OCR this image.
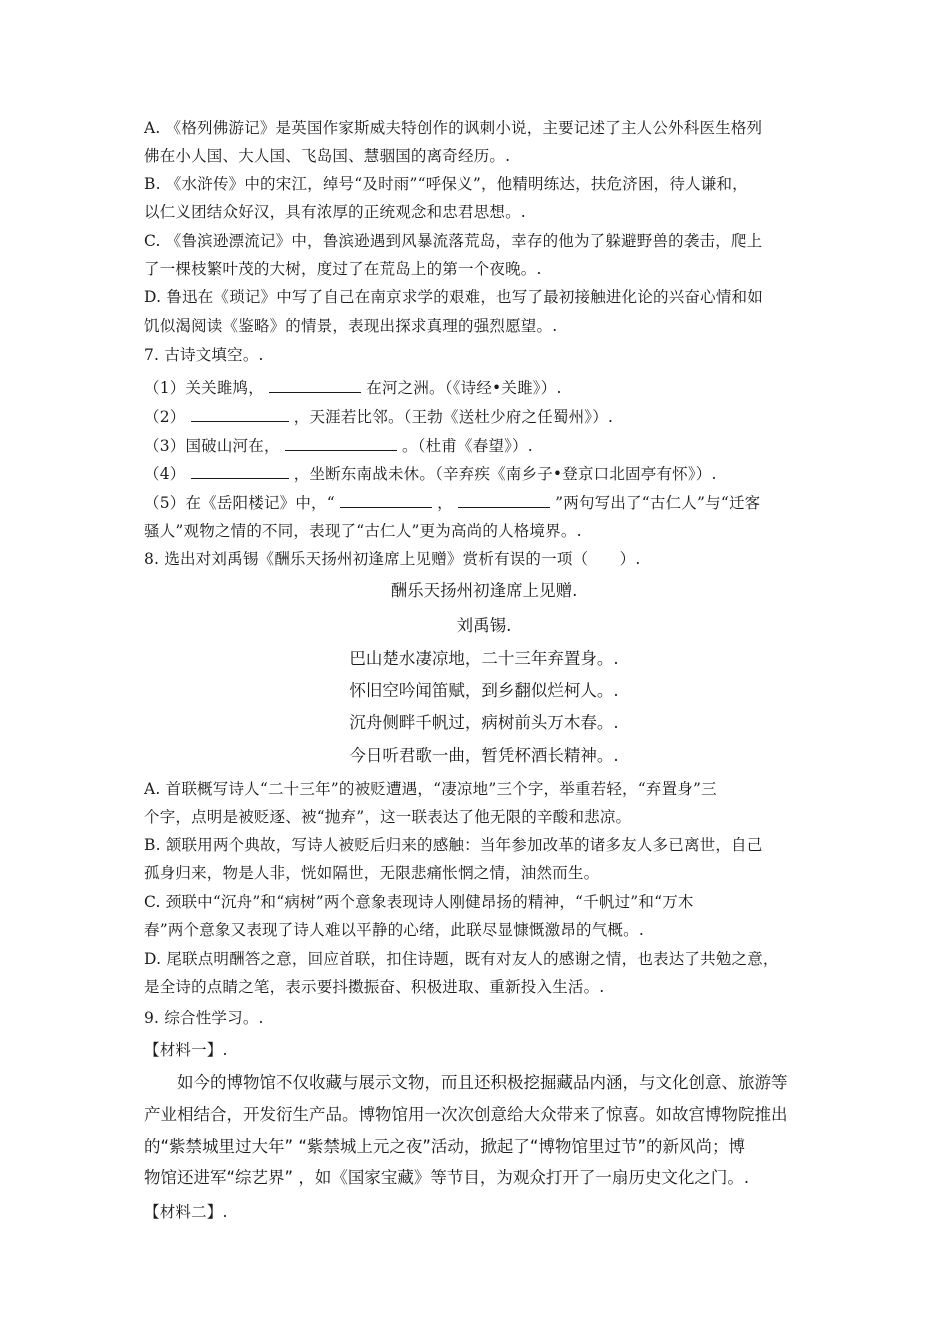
A. 《格列佛游记》是英国作家斯威夫特创作的讽刺小说，主要记述了主人公外科医生格列
佛在小人国、大人国、飞岛国、慧骃国的离奇经历。.
B. 《水浒传》中的宋江，绰号“及时雨”“呼保义”，他精明练达，扶危济困，待人谦和，
以仁义团结众好汉，具有浓厚的正统观念和忠君思想。.
C. 《鲁滨逊漂流记》中，鲁滨逊遇到风暴流落荒岛，幸存的他为了躲避野兽的袭击，爬上
了一棵枝繁叶茂的大树，度过了在荒岛上的第一个夜晚。.
D. 鲁迅在《琐记》中写了自己在南京求学的艰难，也写了最初接触进化论的兴奋心情和如
饥似渴阅读《鉴略》的情景，表现出探求真理的强烈愿望。.
7. 古诗文填空。.
（1）关关雎鸠，	在河之洲。（《诗经•关雎》）.
（2）	，天涯若比邻。（王勃《送杜少府之任蜀州》）.
（3）国破山河在，	。（杜甫《春望》）.
（4）	，坐断东南战未休。（辛弃疾《南乡子•登京口北固亭有怀》）.
（5）在《岳阳楼记》中，“	，	”两句写出了“古仁人”与“迁客
骚人”观物之情的不同，表现了“古仁人”更为高尚的人格境界。.
8. 选出对刘禹锡《酬乐天扬州初逢席上见赠》赏析有误的一项（　　）.
酬乐天扬州初逢席上见赠.
刘禹锡.
巴山楚水凄凉地，二十三年弃置身。.
怀旧空吟闻笛赋，到乡翻似烂柯人。.
沉舟侧畔千帆过，病树前头万木春。.
今日听君歌一曲，暂凭杯酒长精神。.
A. 首联概写诗人“二十三年”的被贬遭遇，“凄凉地”三个字，举重若轻，“弃置身”三
个字，点明是被贬逐、被“抛弃”，这一联表达了他无限的辛酸和悲凉。
B. 颔联用两个典故，写诗人被贬后归来的感触：当年参加改革的诸多友人多已离世，自己
孤身归来，物是人非，恍如隔世，无限悲痛怅惘之情，油然而生。
C. 颈联中“沉舟”和“病树”两个意象表现诗人刚健昂扬的精神，“千帆过”和“万木
春”两个意象又表现了诗人难以平静的心绪，此联尽显慷慨激昂的气概。.
D. 尾联点明酬答之意，回应首联，扣住诗题，既有对友人的感谢之情，也表达了共勉之意，
是全诗的点睛之笔，表示要抖擞振奋、积极进取、重新投入生活。.
9. 综合性学习。.
【材料一】.
　　如今的博物馆不仅收藏与展示文物，而且还积极挖掘藏品内涵，与文化创意、旅游等
产业相结合，开发衍生产品。博物馆用一次次创意给大众带来了惊喜。如故宫博物院推出
的“紫禁城里过大年” “紫禁城上元之夜”活动，掀起了“博物馆里过节”的新风尚；博
物馆还进军“综艺界” ，如《国家宝藏》等节目，为观众打开了一扇历史文化之门。.
【材料二】.
